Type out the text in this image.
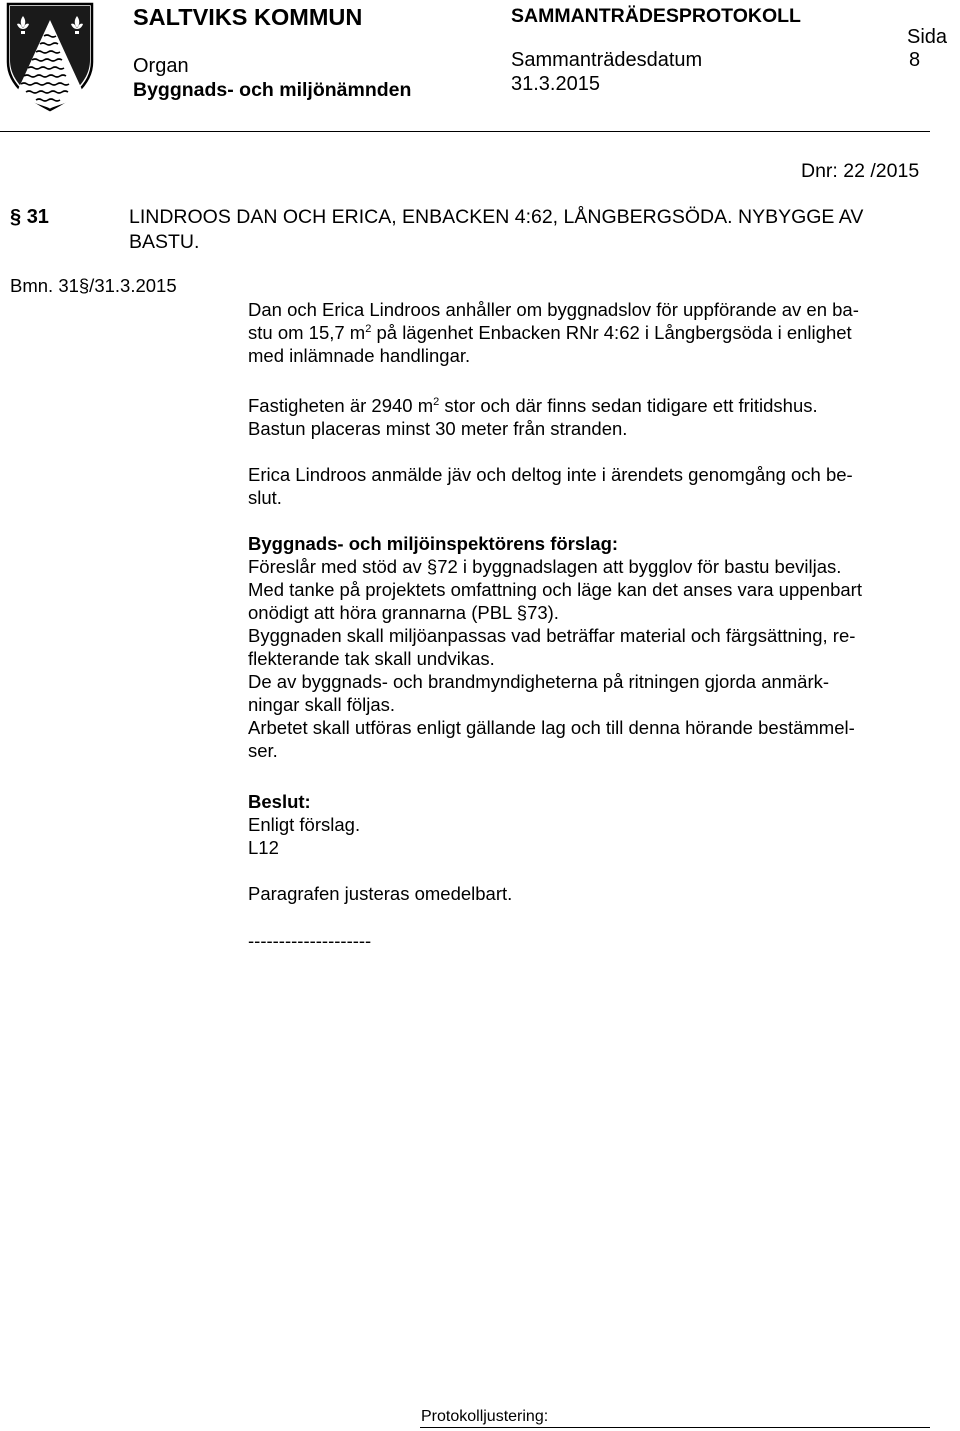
SALTVIKS KOMMUN	SAMMANTRÄDESPROTOKOLL
Sida
8
Organ
Byggnads- och miljönämnden
Sammanträdesdatum
31.3.2015
Dnr: 22 /2015
§ 31	LINDROOS DAN OCH ERICA, ENBACKEN 4:62, LÅNGBERGSÖDA. NYBYGGE AV
BASTU.
Bmn. 31§/31.3.2015
Dan och Erica Lindroos anhåller om byggnadslov för uppförande av en ba-
stu om 15,7 $m^2$ på lägenhet Enbacken RNr 4:62 i Långbergsöda i enlighet
med inlämnade handlingar.
Fastigheten är 2940 $m^2$ stor och där finns sedan tidigare ett fritidshus.
Bastun placeras minst 30 meter från stranden.
Erica Lindroos anmälde jäv och deltog inte i ärendets genomgång och be-
slut.
Byggnads- och miljöinspektörens förslag:
Föreslår med stöd av §72 i byggnadslagen att bygglov för bastu beviljas.
Med tanke på projektets omfattning och läge kan det anses vara uppenbart
onödigt att höra grannarna (PBL §73).
Byggnaden skall miljöanpassas vad beträffar material och färgsättning, re-
flekterande tak skall undvikas.
De av byggnads- och brandmyndigheterna på ritningen gjorda anmärk-
ningar skall följas.
Arbetet skall utföras enligt gällande lag och till denna hörande bestämmel-
ser.
Beslut:
Enligt förslag.
L12
Paragrafen justeras omedelbart.
--------------------
Protokolljustering:
